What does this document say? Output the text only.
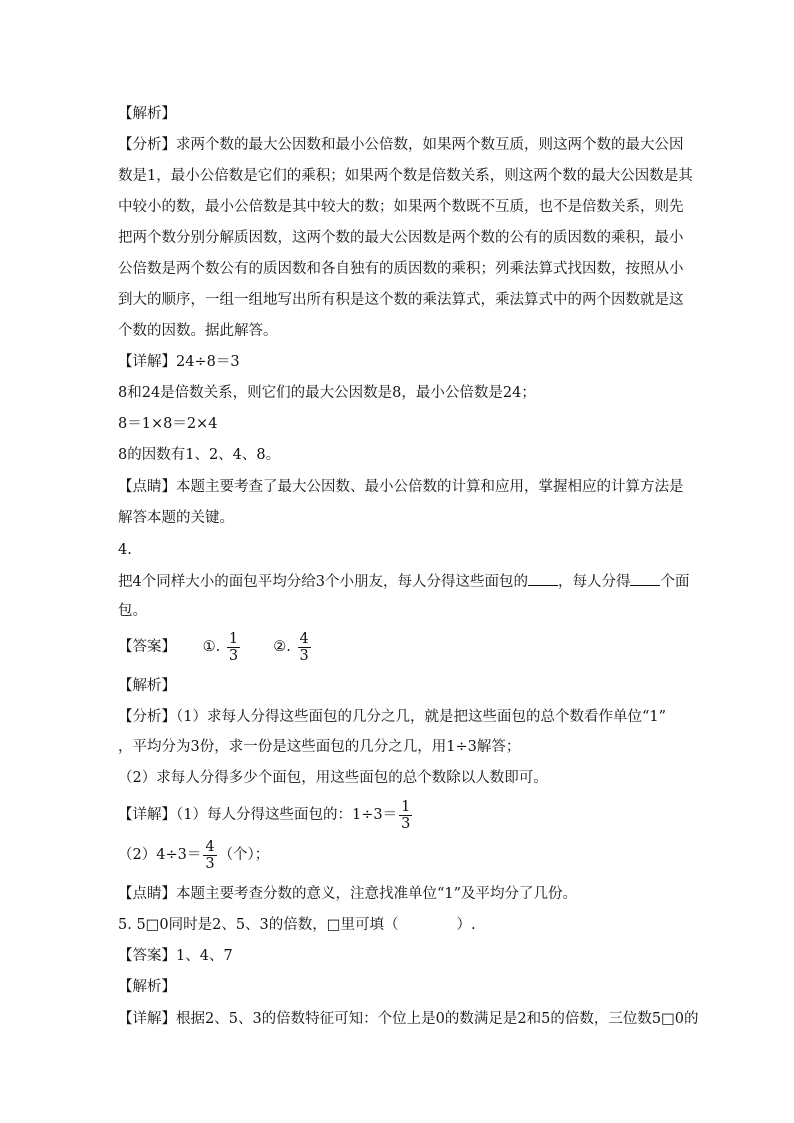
【解析】
【分析】求两个数的最大公因数和最小公倍数，如果两个数互质，则这两个数的最大公因
数是1，最小公倍数是它们的乘积；如果两个数是倍数关系，则这两个数的最大公因数是其
中较小的数，最小公倍数是其中较大的数；如果两个数既不互质，也不是倍数关系，则先
把两个数分别分解质因数，这两个数的最大公因数是两个数的公有的质因数的乘积，最小
公倍数是两个数公有的质因数和各自独有的质因数的乘积；列乘法算式找因数，按照从小
到大的顺序，一组一组地写出所有积是这个数的乘法算式，乘法算式中的两个因数就是这
个数的因数。据此解答。
【详解】24÷8＝3
8和24是倍数关系，则它们的最大公因数是8，最小公倍数是24；
8＝1×8＝2×4
8的因数有1、2、4、8。
【点睛】本题主要考查了最大公因数、最小公倍数的计算和应用，掌握相应的计算方法是
解答本题的关键。
4.
把4个同样大小的面包平均分给3个小朋友，每人分得这些面包的 ，每人分得 个面
包。
【答案】 ①. $\frac{1}{3}$ ②. $\frac{4}{3}$
【解析】
【分析】（1）求每人分得这些面包的几分之几，就是把这些面包的总个数看作单位“1”
，平均分为3份，求一份是这些面包的几分之几，用1÷3解答；
（2）求每人分得多少个面包，用这些面包的总个数除以人数即可。
【详解】（1）每人分得这些面包的：$1\div 3= \frac{1}{3}$
$(2)4\div 3= \frac{4}{3}$ （个）；
【点睛】本题主要考查分数的意义，注意找准单位“1”及平均分了几份。
5. 5□0同时是2、5、3的倍数，□里可填（　　　　）.
【答案】1、4、7
【解析】
【详解】根据2、5、3的倍数特征可知：个位上是0的数满足是2和5的倍数，三位数5□0的
